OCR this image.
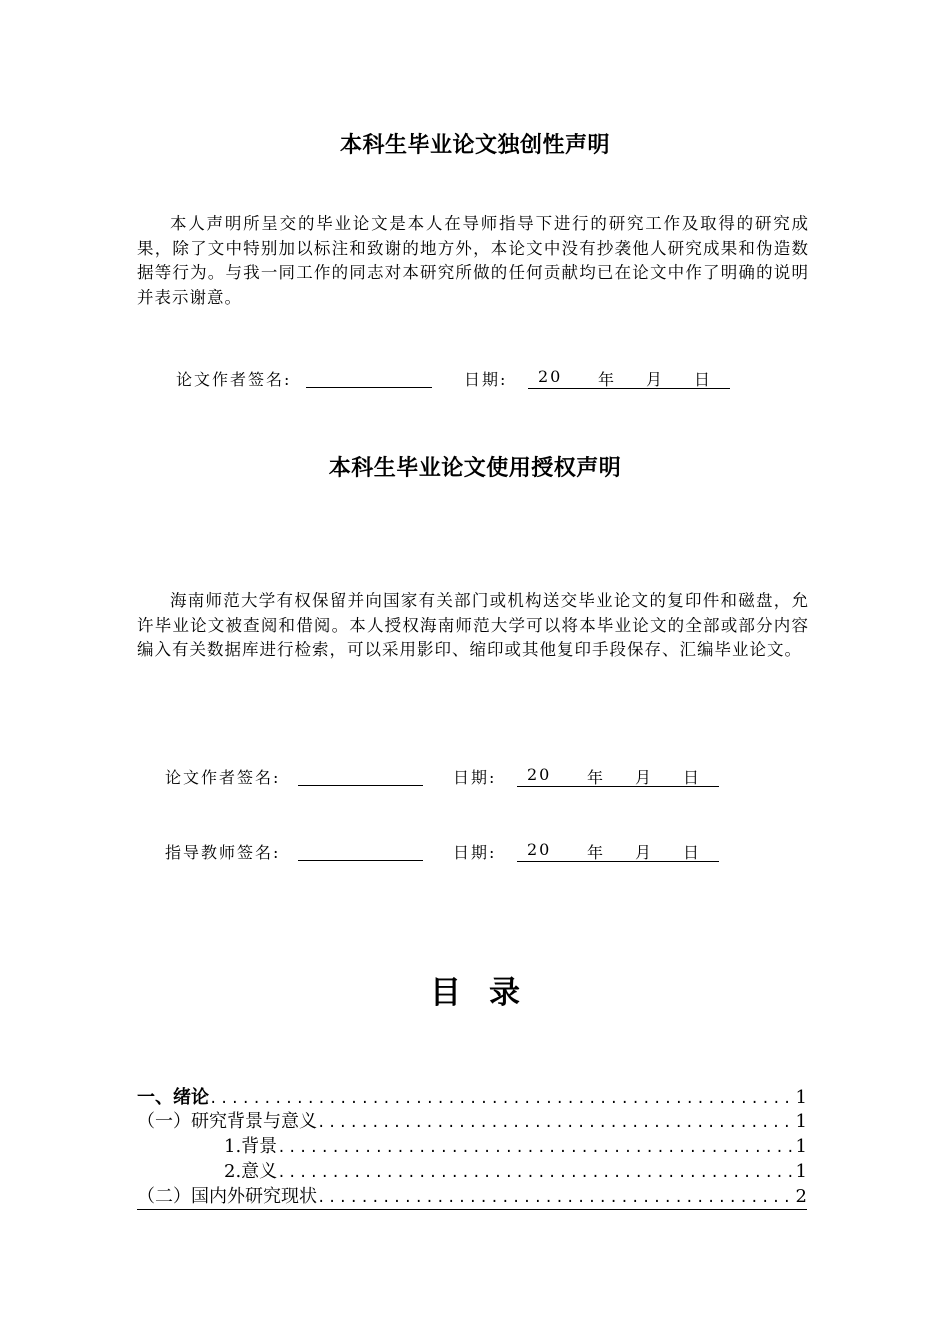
本科生毕业论文独创性声明
本人声明所呈交的毕业论文是本人在导师指导下进行的研究工作及取得的研究成果，除了文中特别加以标注和致谢的地方外，本论文中没有抄袭他人研究成果和伪造数据等行为。与我一同工作的同志对本研究所做的任何贡献均已在论文中作了明确的说明并表示谢意。
论文作者签名:	日期: 20 年 月 日
本科生毕业论文使用授权声明
海南师范大学有权保留并向国家有关部门或机构送交毕业论文的复印件和磁盘，允许毕业论文被查阅和借阅。本人授权海南师范大学可以将本毕业论文的全部或部分内容编入有关数据库进行检索，可以采用影印、缩印或其他复印手段保存、汇编毕业论文。
论文作者签名:	日期: 20 年 月 日
指导教师签名:	日期: 20 年 月 日
目录
一、绪论 .....	1
（一）研究背景与意义 .....	1
1.背景 .....	1
2.意义 .....	1
（二）国内外研究现状 .....	2
